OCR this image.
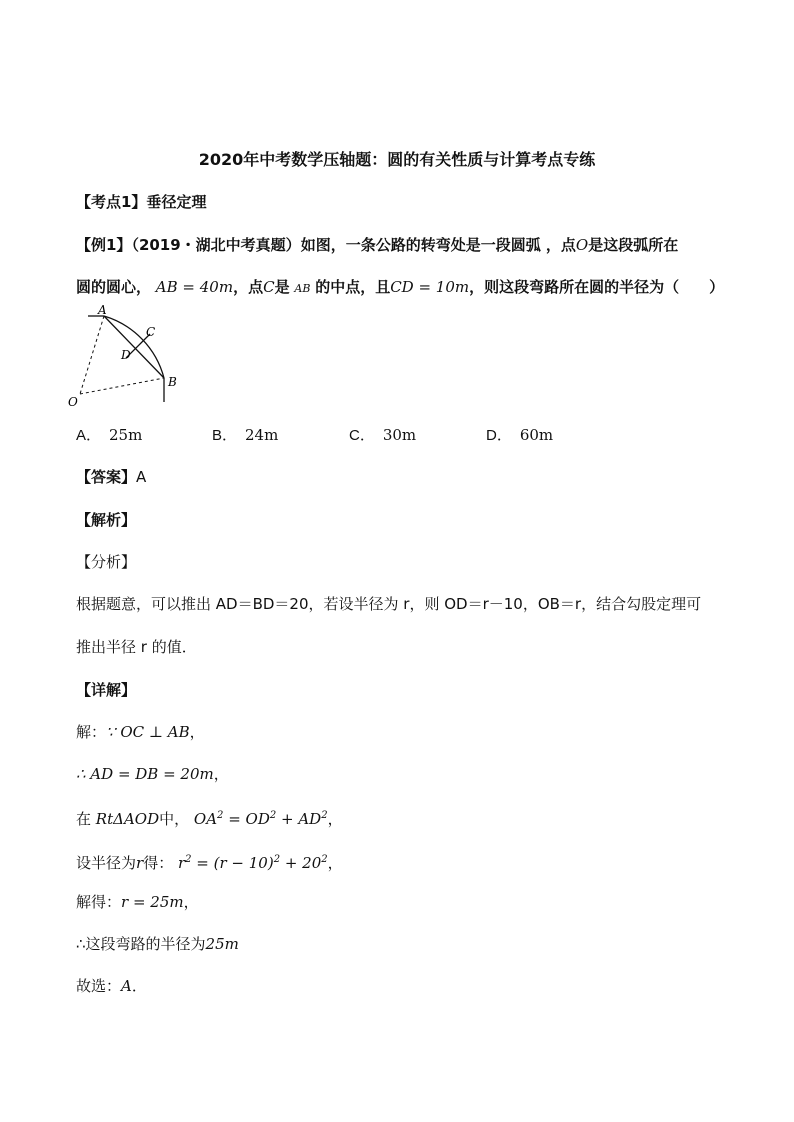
2020年中考数学压轴题：圆的有关性质与计算考点专练
【考点1】垂径定理
【例1】（2019・湖北中考真题）如图，一条公路的转弯处是一段圆弧 ，点O是这段弧所在
圆的圆心， AB = 40m，点C是 AB 的中点，且CD = 10m，则这段弯路所在圆的半径为（　　）
A
C
D
B
O
A． 25m	B． 24m	C． 30m	D． 60m
【答案】A
【解析】
【分析】
根据题意，可以推出 AD＝BD＝20，若设半径为 r，则 OD＝r－10，OB＝r，结合勾股定理可
推出半径 r 的值．
【详解】
解：∵ OC ⊥ AB，
∴ AD = DB = 20m，
在 RtΔAOD中， $OA^2 = OD^2 + AD^2$，
设半径为r得： $r^2 = (r - 10)^2 + 20^2$，
解得：r = 25m，
∴这段弯路的半径为25m
故选：A．
